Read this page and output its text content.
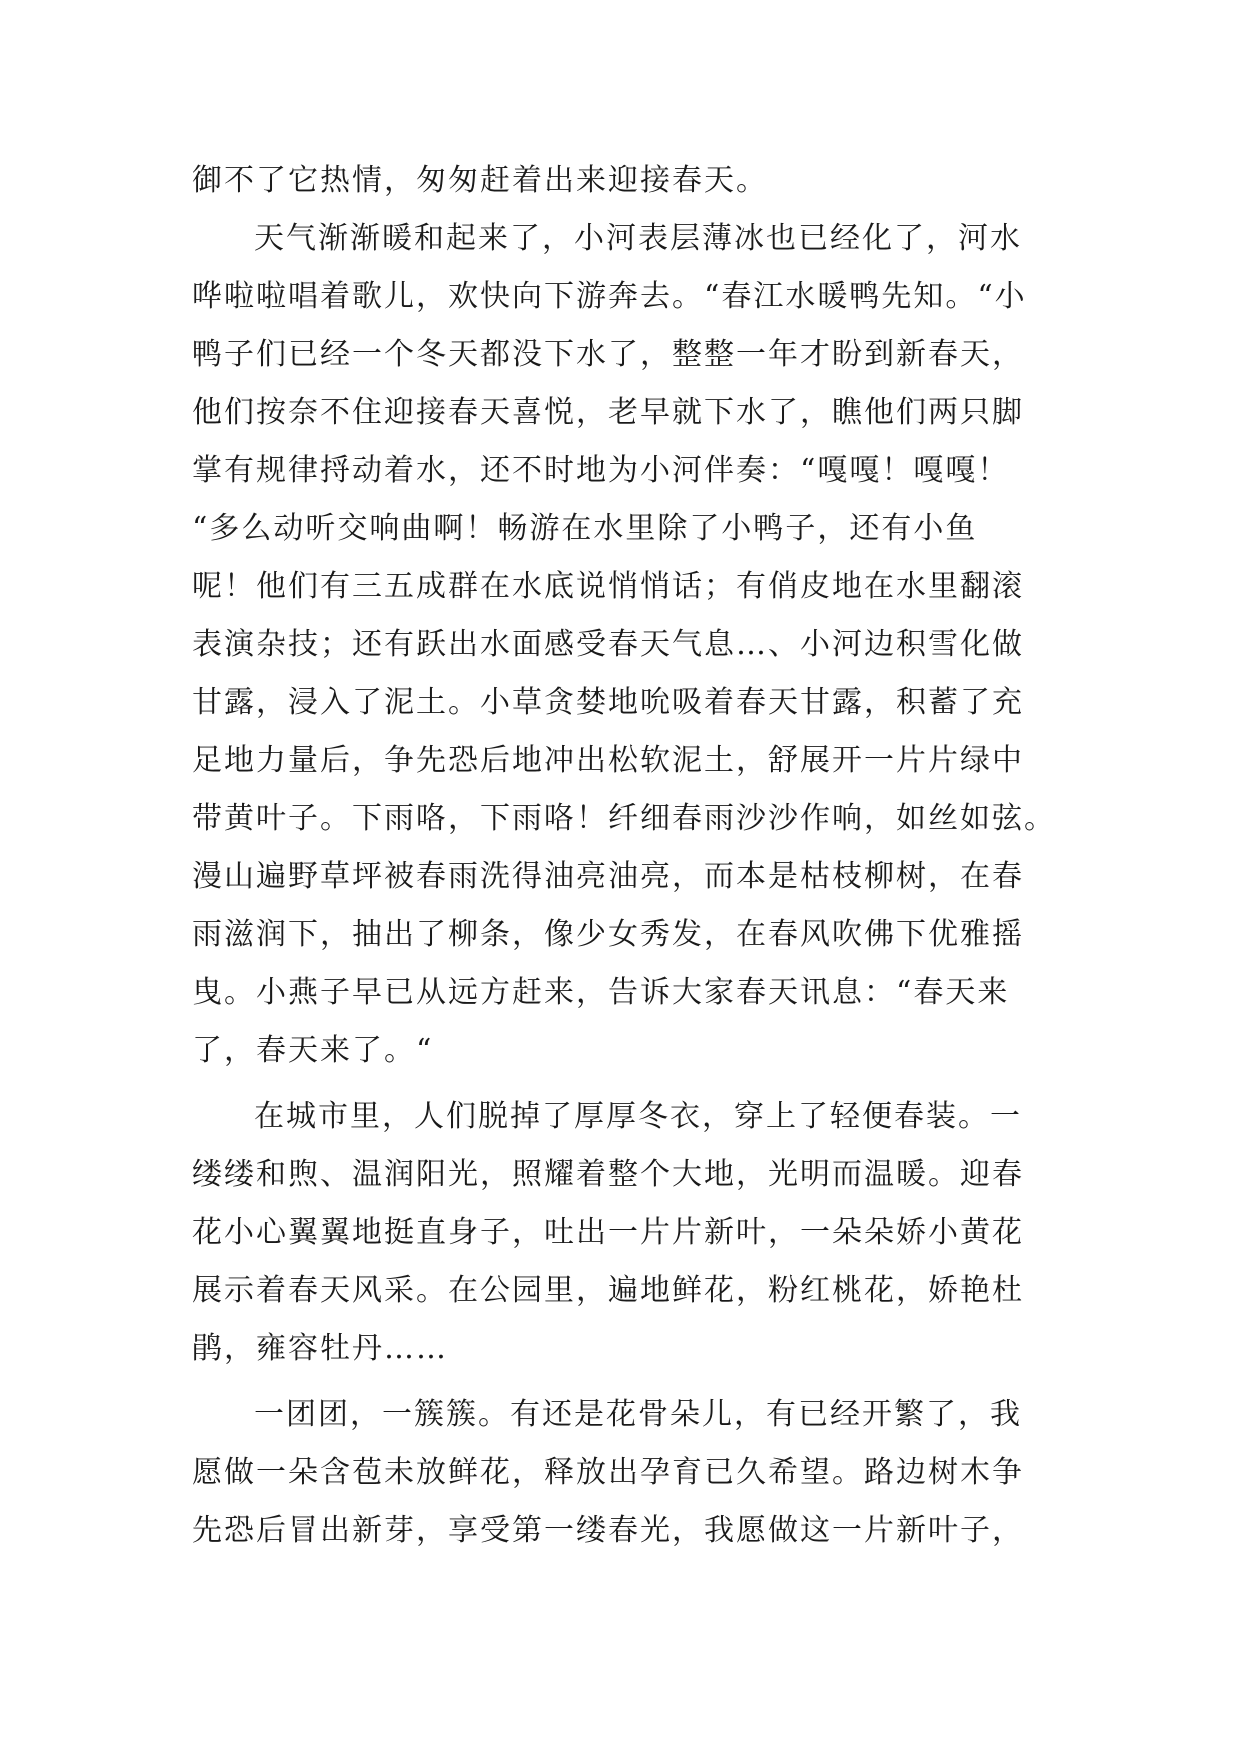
御不了它热情，匆匆赶着出来迎接春天。
天气渐渐暖和起来了，小河表层薄冰也已经化了，河水
哗啦啦唱着歌儿，欢快向下游奔去。“春江水暖鸭先知。“小
鸭子们已经一个冬天都没下水了，整整一年才盼到新春天，
他们按奈不住迎接春天喜悦，老早就下水了，瞧他们两只脚
掌有规律捋动着水，还不时地为小河伴奏：“嘎嘎！嘎嘎！
“多么动听交响曲啊！畅游在水里除了小鸭子，还有小鱼
呢！他们有三五成群在水底说悄悄话；有俏皮地在水里翻滚
表演杂技；还有跃出水面感受春天气息…、小河边积雪化做
甘露，浸入了泥土。小草贪婪地吮吸着春天甘露，积蓄了充
足地力量后，争先恐后地冲出松软泥土，舒展开一片片绿中
带黄叶子。下雨咯，下雨咯！纤细春雨沙沙作响，如丝如弦。
漫山遍野草坪被春雨洗得油亮油亮，而本是枯枝柳树，在春
雨滋润下，抽出了柳条，像少女秀发，在春风吹佛下优雅摇
曳。小燕子早已从远方赶来，告诉大家春天讯息：“春天来
了，春天来了。“
在城市里，人们脱掉了厚厚冬衣，穿上了轻便春装。一
缕缕和煦、温润阳光，照耀着整个大地，光明而温暖。迎春
花小心翼翼地挺直身子，吐出一片片新叶，一朵朵娇小黄花
展示着春天风采。在公园里，遍地鲜花，粉红桃花，娇艳杜
鹃，雍容牡丹……
一团团，一簇簇。有还是花骨朵儿，有已经开繁了，我
愿做一朵含苞未放鲜花，释放出孕育已久希望。路边树木争
先恐后冒出新芽，享受第一缕春光，我愿做这一片新叶子，
